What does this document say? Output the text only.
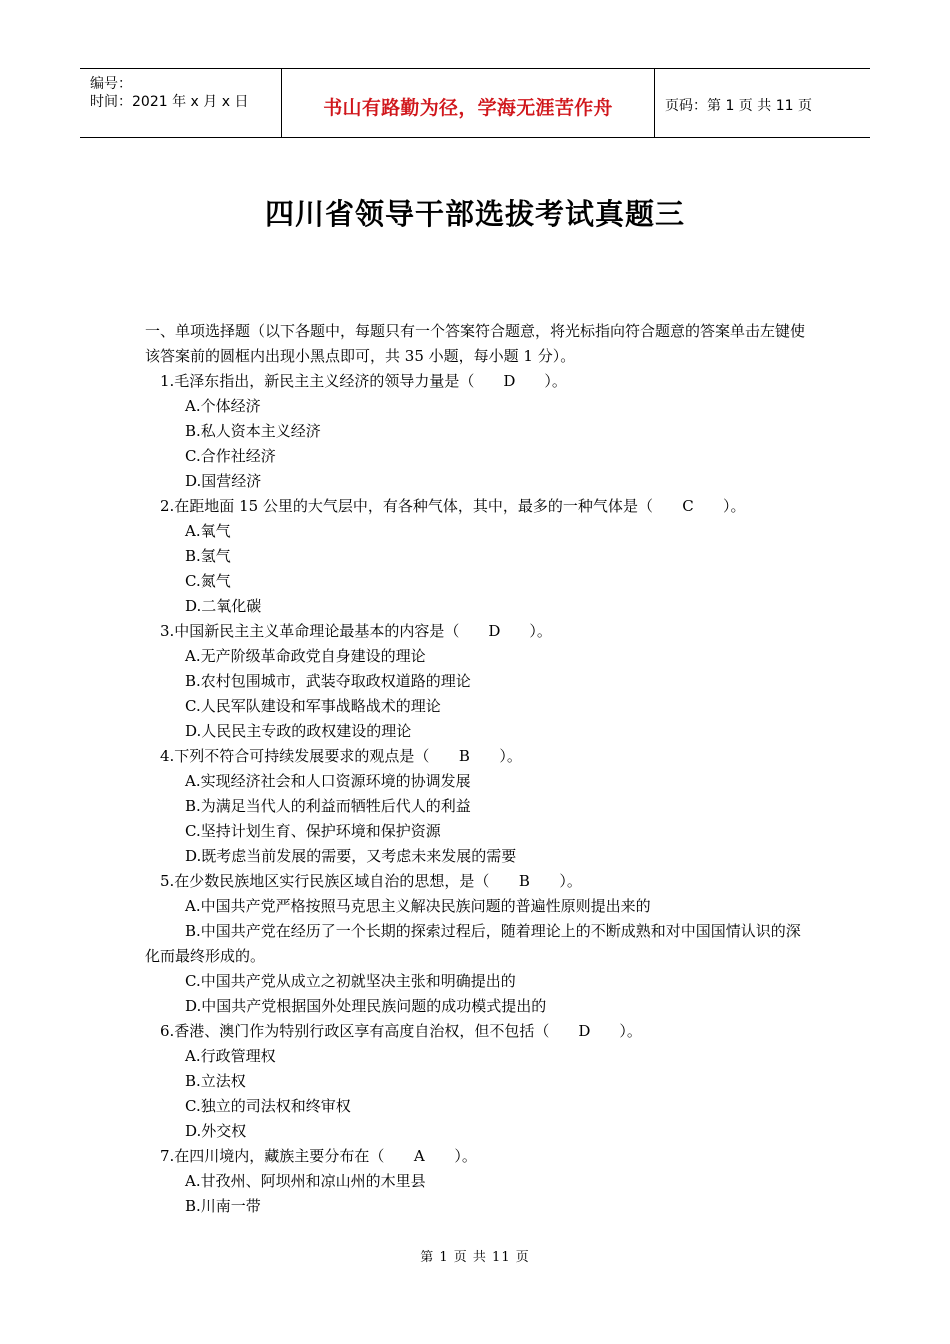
编号：
时间：2021 年 x 月 x 日	书山有路勤为径，学海无涯苦作舟	页码：第 1 页 共 11 页
四川省领导干部选拔考试真题三
一、单项选择题（以下各题中，每题只有一个答案符合题意，将光标指向符合题意的答案单击左键使该答案前的圆框内出现小黑点即可，共 35 小题，每小题 1 分）。
1.毛泽东指出，新民主主义经济的领导力量是（ D ）。
A.个体经济
B.私人资本主义经济
C.合作社经济
D.国营经济
2.在距地面 15 公里的大气层中，有各种气体，其中，最多的一种气体是（ C ）。
A.氧气
B.氢气
C.氮气
D.二氧化碳
3.中国新民主主义革命理论最基本的内容是（ D ）。
A.无产阶级革命政党自身建设的理论
B.农村包围城市，武装夺取政权道路的理论
C.人民军队建设和军事战略战术的理论
D.人民民主专政的政权建设的理论
4.下列不符合可持续发展要求的观点是（ B ）。
A.实现经济社会和人口资源环境的协调发展
B.为满足当代人的利益而牺牲后代人的利益
C.坚持计划生育、保护环境和保护资源
D.既考虑当前发展的需要，又考虑未来发展的需要
5.在少数民族地区实行民族区域自治的思想，是（ B ）。
A.中国共产党严格按照马克思主义解决民族问题的普遍性原则提出来的
B.中国共产党在经历了一个长期的探索过程后，随着理论上的不断成熟和对中国国情认识的深化而最终形成的。
C.中国共产党从成立之初就坚决主张和明确提出的
D.中国共产党根据国外处理民族问题的成功模式提出的
6.香港、澳门作为特别行政区享有高度自治权，但不包括（ D ）。
A.行政管理权
B.立法权
C.独立的司法权和终审权
D.外交权
7.在四川境内，藏族主要分布在（ A ）。
A.甘孜州、阿坝州和凉山州的木里县
B.川南一带
第 1 页 共 11 页
